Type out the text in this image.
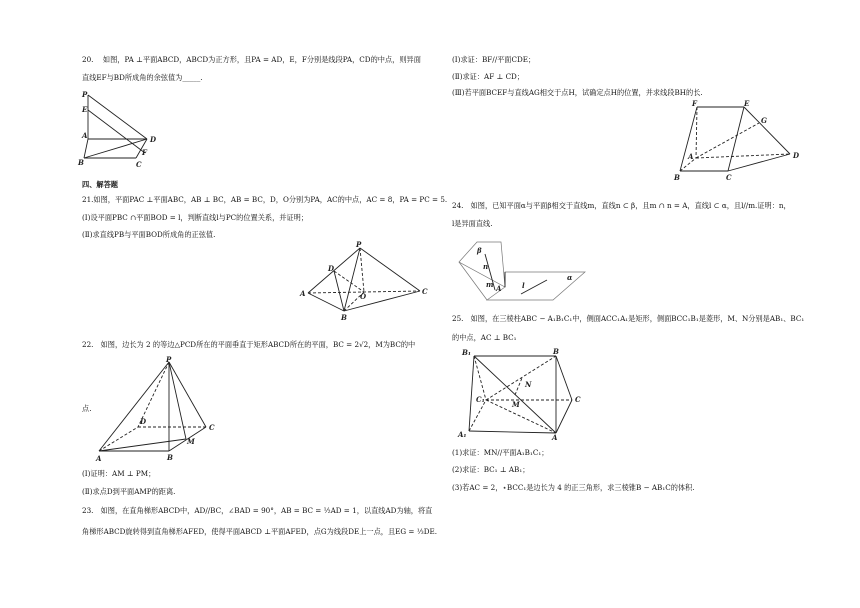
20.　 如图，PA ⊥平面ABCD，ABCD为正方形，且PA = AD，E，F分别是线段PA，CD的中点，则异面
直线EF与BD所成角的余弦值为_____.
P
E
A	D
F
B	C
四、解答题
21.如图，平面PAC ⊥平面ABC，AB ⊥ BC，AB = BC，D，O分别为PA，AC的中点，AC = 8，PA = PC = 5.
(Ⅰ)设平面PBC ∩平面BOD = l，判断直线l与PC的位置关系，并证明；
(Ⅱ)求直线PB与平面BOD所成角的正弦值.
P
D
A	O
C
B
22.　如图，边长为 2 的等边△PCD所在的平面垂直于矩形ABCD所在的平面，BC = 2√2，M为BC的中
P
D
C
M
A	B
点.
(Ⅰ)证明：AM ⊥ PM；
(Ⅱ)求点D到平面AMP的距离.
23.　如图，在直角梯形ABCD中，AD//BC，∠BAD = 90°，AB = BC = ½AD = 1，以直线AD为轴，将直
角梯形ABCD旋转得到直角梯形AFED，使得平面ABCD ⊥平面AFED，点G为线段DE上一点，且EG = ⅓DE.
(Ⅰ)求证：BF//平面CDE；
(Ⅱ)求证：AF ⊥ CD；
(Ⅲ)若平面BCEF与直线AG相交于点H，试确定点H的位置，并求线段BH的长.
F	E
G
A	D
B	C
24.　如图，已知平面α与平面β相交于直线m，直线n ⊂ β，且m ∩ n = A，直线l ⊂ α，且l//m.证明：n，
l是异面直线.
β
n
m A	l
α
25.　如图，在三棱柱ABC − A₁B₁C₁中，侧面ACC₁A₁是矩形，侧面BCC₁B₁是菱形，M、N分别是AB₁、BC₁
的中点，AC ⊥ BC₁
B₁	B
N
C₁
M
C
A₁	A
(1)求证：MN//平面A₁B₁C₁；
(2)求证：BC₁ ⊥ AB₁；
(3)若AC = 2，⋆BCC₁是边长为 4 的正三角形，求三棱锥B − AB₁C的体积.
